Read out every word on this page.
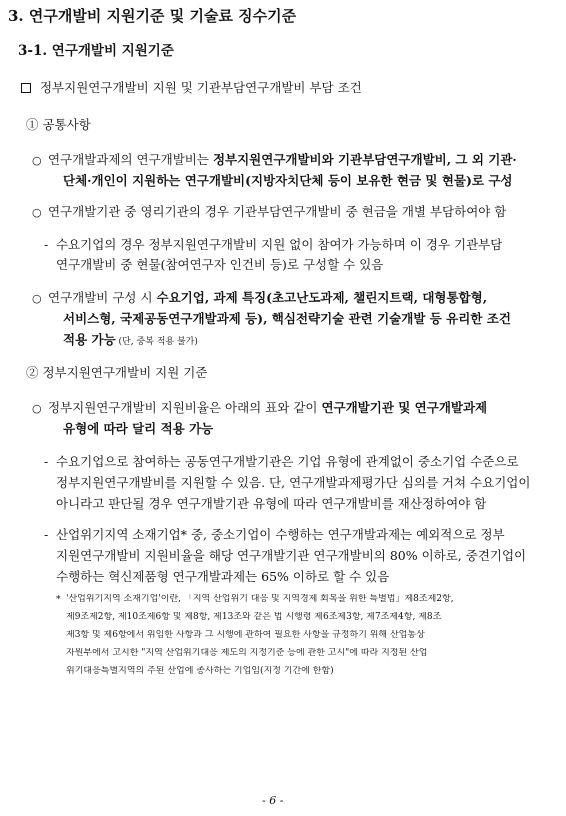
3. 연구개발비 지원기준 및 기술료 징수기준
3-1. 연구개발비 지원기준
정부지원연구개발비 지원 및 기관부담연구개발비 부담 조건
① 공통사항
○ 연구개발과제의 연구개발비는 정부지원연구개발비와 기관부담연구개발비, 그 외 기관·
단체·개인이 지원하는 연구개발비(지방자치단체 등이 보유한 현금 및 현물)로 구성
○ 연구개발기관 중 영리기관의 경우 기관부담연구개발비 중 현금을 개별 부담하여야 함
- 수요기업의 경우 정부지원연구개발비 지원 없이 참여가 가능하며 이 경우 기관부담
연구개발비 중 현물(참여연구자 인건비 등)로 구성할 수 있음
○ 연구개발비 구성 시 수요기업, 과제 특징(초고난도과제, 챌린지트랙, 대형통합형,
서비스형, 국제공동연구개발과제 등), 핵심전략기술 관련 기술개발 등 유리한 조건
적용 가능 (단, 중복 적용 불가)
② 정부지원연구개발비 지원 기준
○ 정부지원연구개발비 지원비율은 아래의 표와 같이 연구개발기관 및 연구개발과제
유형에 따라 달리 적용 가능
- 수요기업으로 참여하는 공동연구개발기관은 기업 유형에 관계없이 중소기업 수준으로
정부지원연구개발비를 지원할 수 있음. 단, 연구개발과제평가단 심의를 거쳐 수요기업이
아니라고 판단될 경우 연구개발기관 유형에 따라 연구개발비를 재산정하여야 함
- 산업위기지역 소재기업* 중, 중소기업이 수행하는 연구개발과제는 예외적으로 정부
지원연구개발비 지원비율을 해당 연구개발기관 연구개발비의 80% 이하로, 중견기업이
수행하는 혁신제품형 연구개발과제는 65% 이하로 할 수 있음
* '산업위기지역 소재기업'이란, 「지역 산업위기 대응 및 지역경제 회복을 위한 특별법」제8조제2항,
제9조제2항, 제10조제6항 및 제8항, 제13조와 같은 법 시행령 제6조제3항, 제7조제4항, 제8조
제3항 및 제6항에서 위임한 사항과 그 시행에 관하여 필요한 사항을 규정하기 위해 산업통상
자원부에서 고시한 "지역 산업위기대응 제도의 지정기준 등에 관한 고시"에 따라 지정된 산업
위기대응특별지역의 주된 산업에 종사하는 기업임(지정 기간에 한함)
- 6 -
